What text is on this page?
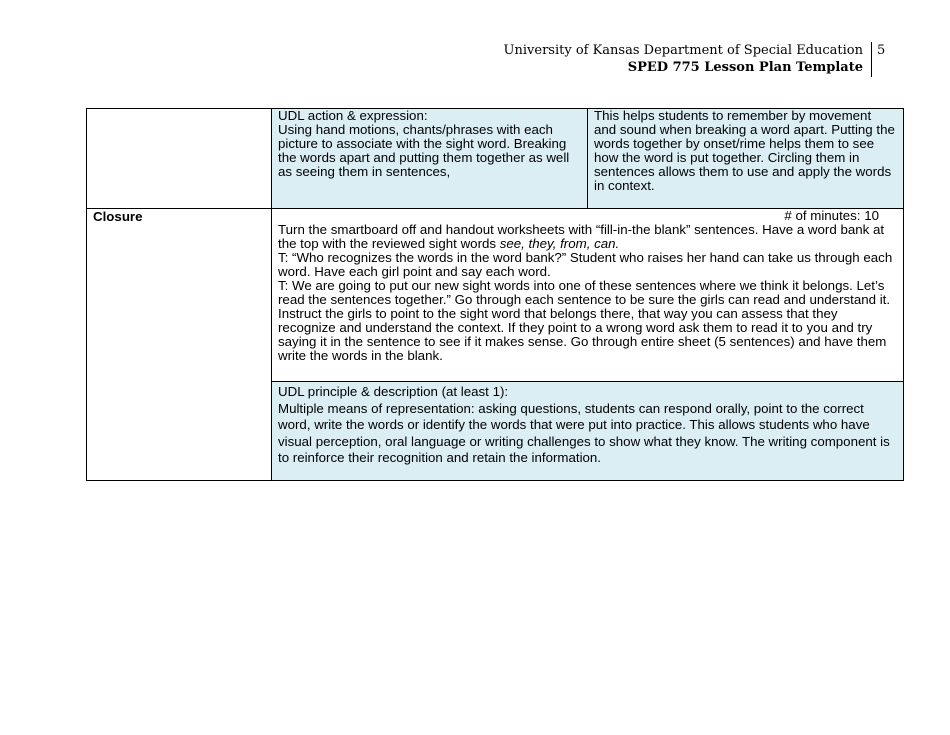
University of Kansas Department of Special Education
SPED 775 Lesson Plan Template
5

	UDL action & expression:
Using hand motions, chants/phrases with each picture to associate with the sight word. Breaking the words apart and putting them together as well as seeing them in sentences,	This helps students to remember by movement and sound when breaking a word apart. Putting the words together by onset/rime helps them to see how the word is put together. Circling them in sentences allows them to use and apply the words in context.

Closure	# of minutes: 10

Turn the smartboard off and handout worksheets with “fill-in-the blank” sentences. Have a word bank at the top with the reviewed sight words see, they, from, can.

T: “Who recognizes the words in the word bank?” Student who raises her hand can take us through each word. Have each girl point and say each word.

T: We are going to put our new sight words into one of these sentences where we think it belongs. Let’s read the sentences together.” Go through each sentence to be sure the girls can read and understand it. Instruct the girls to point to the sight word that belongs there, that way you can assess that they recognize and understand the context. If they point to a wrong word ask them to read it to you and try saying it in the sentence to see if it makes sense. Go through entire sheet (5 sentences) and have them write the words in the blank.	

	UDL principle & description (at least 1):
Multiple means of representation: asking questions, students can respond orally, point to the correct word, write the words or identify the words that were put into practice. This allows students who have visual perception, oral language or writing challenges to show what they know. The writing component is to reinforce their recognition and retain the information.	
